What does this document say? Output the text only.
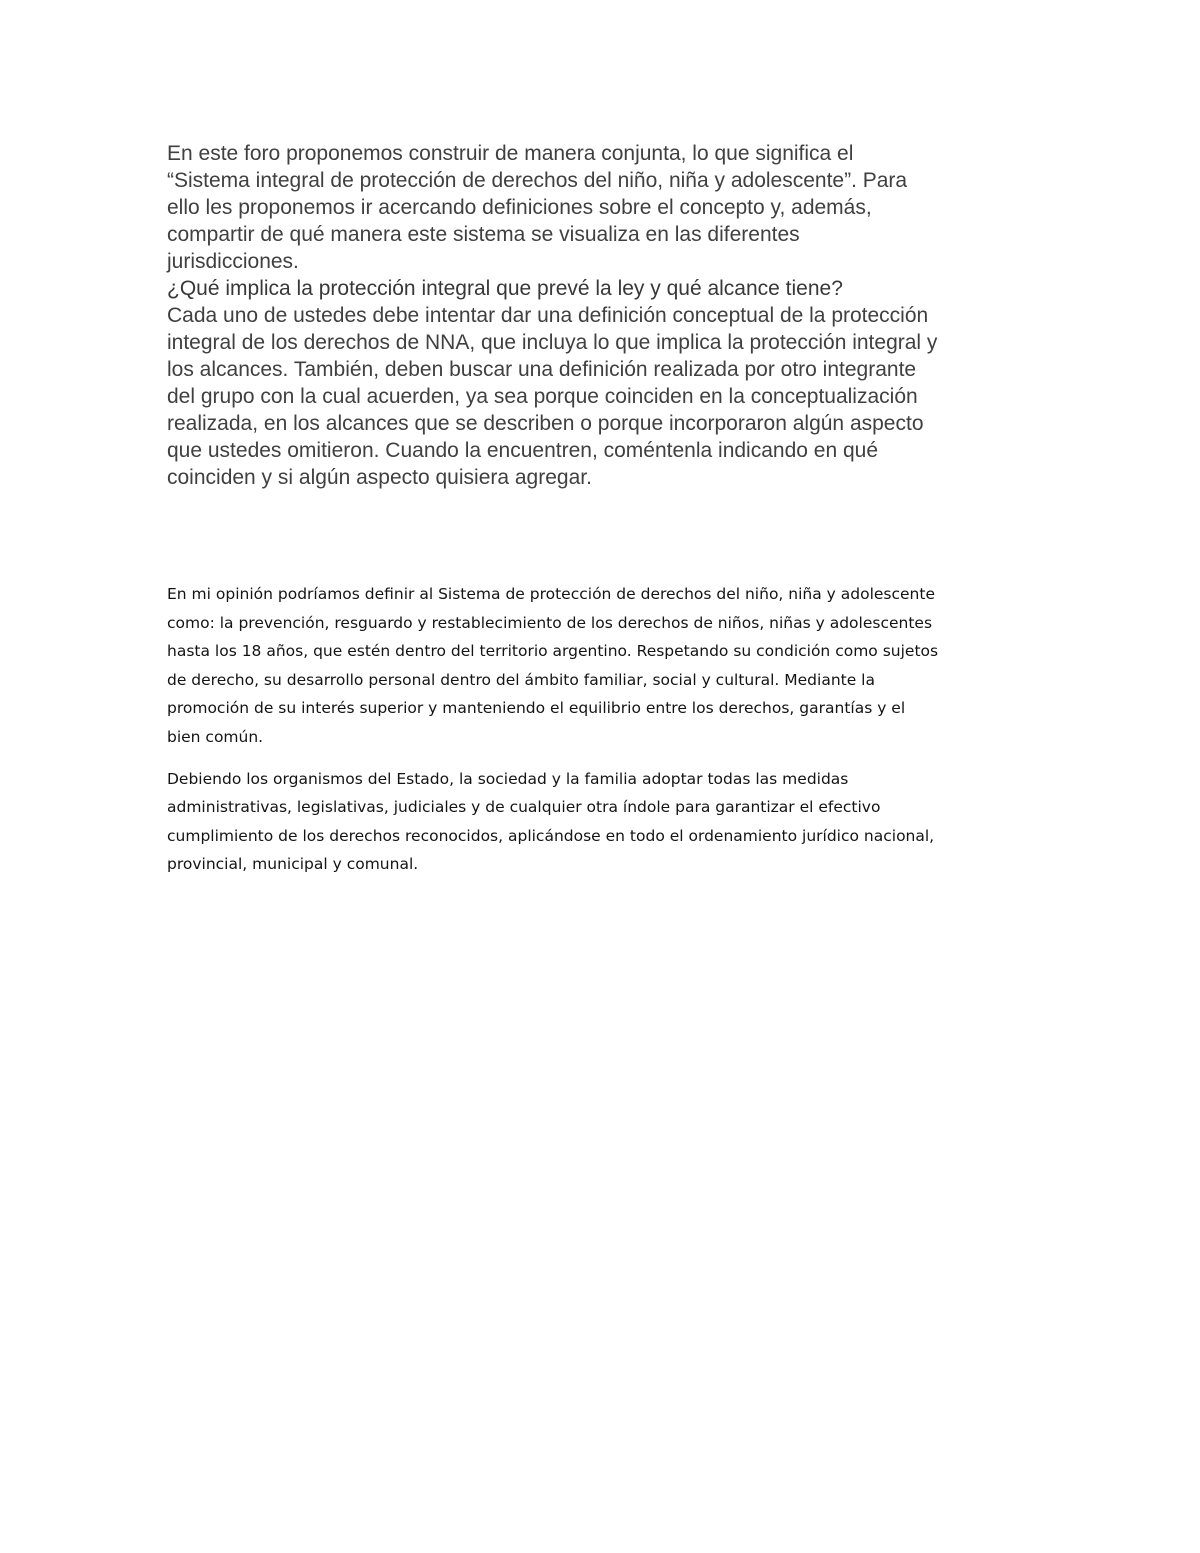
En este foro proponemos construir de manera conjunta, lo que significa el
“Sistema integral de protección de derechos del niño, niña y adolescente”. Para
ello les proponemos ir acercando definiciones sobre el concepto y, además,
compartir de qué manera este sistema se visualiza en las diferentes
jurisdicciones.

¿Qué implica la protección integral que prevé la ley y qué alcance tiene?

Cada uno de ustedes debe intentar dar una definición conceptual de la protección
integral de los derechos de NNA, que incluya lo que implica la protección integral y
los alcances. También, deben buscar una definición realizada por otro integrante
del grupo con la cual acuerden, ya sea porque coinciden en la conceptualización
realizada, en los alcances que se describen o porque incorporaron algún aspecto
que ustedes omitieron. Cuando la encuentren, coméntenla indicando en qué
coinciden y si algún aspecto quisiera agregar.

En mi opinión podríamos definir al Sistema de protección de derechos del niño, niña y adolescente
como: la prevención, resguardo y restablecimiento de los derechos de niños, niñas y adolescentes
hasta los 18 años, que estén dentro del territorio argentino. Respetando su condición como sujetos
de derecho, su desarrollo personal dentro del ámbito familiar, social y cultural. Mediante la
promoción de su interés superior y manteniendo el equilibrio entre los derechos, garantías y el
bien común.

Debiendo los organismos del Estado, la sociedad y la familia adoptar todas las medidas
administrativas, legislativas, judiciales y de cualquier otra índole para garantizar el efectivo
cumplimiento de los derechos reconocidos, aplicándose en todo el ordenamiento jurídico nacional,
provincial, municipal y comunal.
